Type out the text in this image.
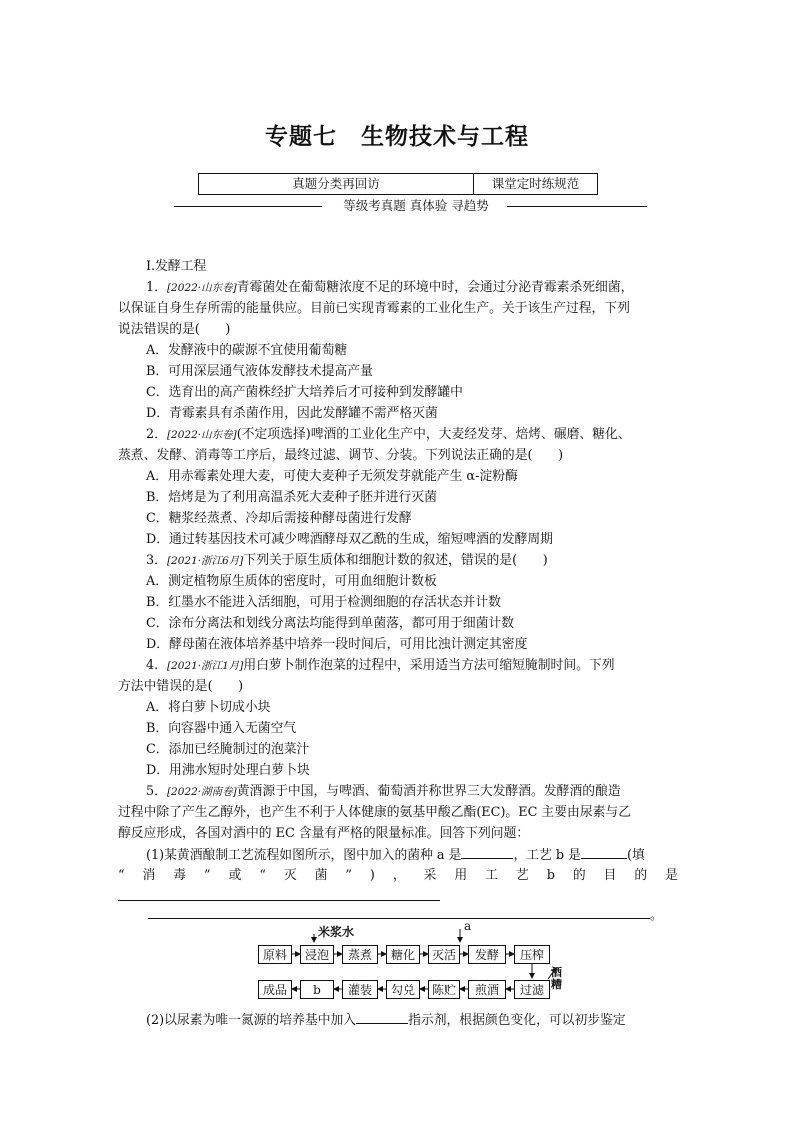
专题七　生物技术与工程
真题分类再回访	课堂定时练规范
等级考真题 真体验 寻趋势
Ⅰ.发酵工程
1．[2022·山东卷]青霉菌处在葡萄糖浓度不足的环境中时，会通过分泌青霉素杀死细菌，
以保证自身生存所需的能量供应。目前已实现青霉素的工业化生产。关于该生产过程，下列
说法错误的是(　　)
A．发酵液中的碳源不宜使用葡萄糖
B．可用深层通气液体发酵技术提高产量
C．选育出的高产菌株经扩大培养后才可接种到发酵罐中
D．青霉素具有杀菌作用，因此发酵罐不需严格灭菌
2．[2022·山东卷](不定项选择)啤酒的工业化生产中，大麦经发芽、焙烤、碾磨、糖化、
蒸煮、发酵、消毒等工序后，最终过滤、调节、分装。下列说法正确的是(　　)
A．用赤霉素处理大麦，可使大麦种子无须发芽就能产生 α-淀粉酶
B．焙烤是为了利用高温杀死大麦种子胚并进行灭菌
C．糖浆经蒸煮、冷却后需接种酵母菌进行发酵
D．通过转基因技术可减少啤酒酵母双乙酰的生成，缩短啤酒的发酵周期
3．[2021·浙江6月]下列关于原生质体和细胞计数的叙述，错误的是(　　)
A．测定植物原生质体的密度时，可用血细胞计数板
B．红墨水不能进入活细胞，可用于检测细胞的存活状态并计数
C．涂布分离法和划线分离法均能得到单菌落，都可用于细菌计数
D．酵母菌在液体培养基中培养一段时间后，可用比浊计测定其密度
4．[2021·浙江1月]用白萝卜制作泡菜的过程中，采用适当方法可缩短腌制时间。下列
方法中错误的是(　　)
A．将白萝卜切成小块
B．向容器中通入无菌空气
C．添加已经腌制过的泡菜汁
D．用沸水短时处理白萝卜块
5．[2022·湖南卷]黄酒源于中国，与啤酒、葡萄酒并称世界三大发酵酒。发酵酒的酿造
过程中除了产生乙醇外，也产生不利于人体健康的氨基甲酸乙酯(EC)。EC 主要由尿素与乙
醇反应形成，各国对酒中的 EC 含量有严格的限量标准。回答下列问题：
(1)某黄酒酿制工艺流程如图所示，图中加入的菌种 a 是	，工艺 b 是	(填
“ 消 毒 ” 或 “ 灭 菌 ” ) ， 采 用 工 艺 b 的 目 的 是
。
米浆水	a
酒
糟
原料	浸泡	蒸煮	糖化	灭活	发酵	压榨
成品	b	灌装	勾兑	陈贮	煎酒	过滤
(2)以尿素为唯一氮源的培养基中加入	指示剂，根据颜色变化，可以初步鉴定
